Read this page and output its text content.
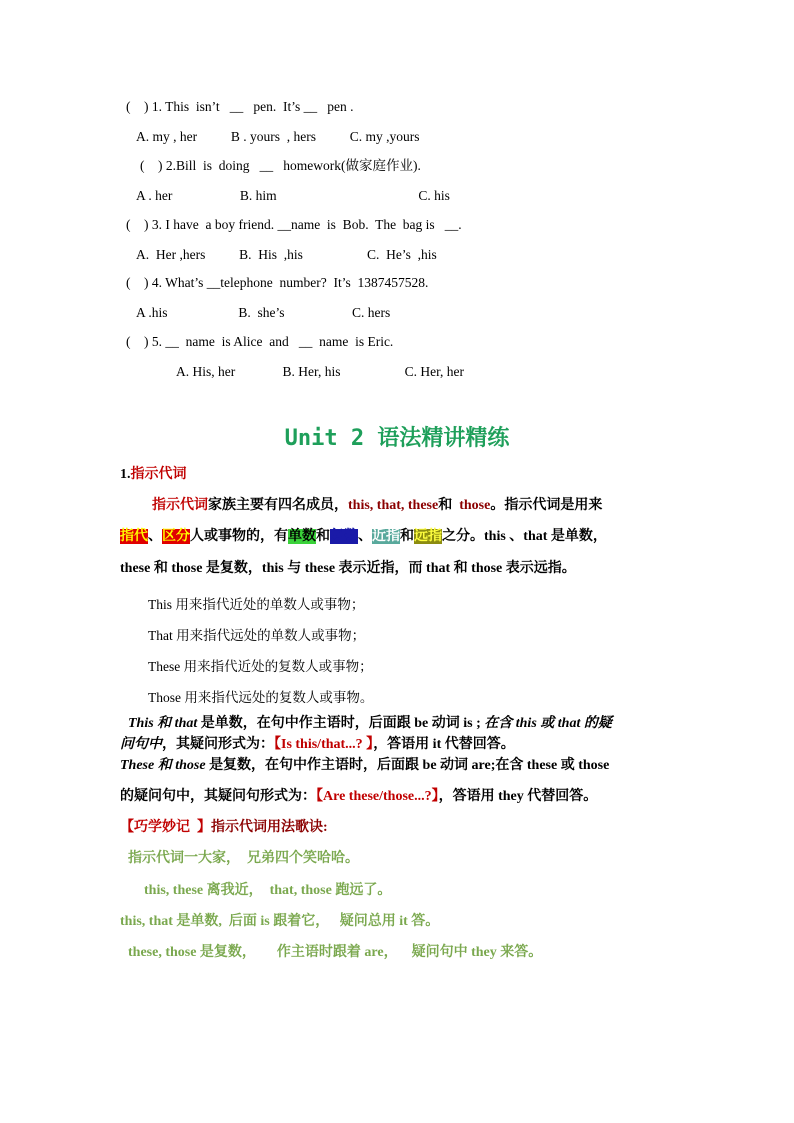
(    ) 1. This  isn’t   __   pen.  It’s __   pen .
A. my , her          B . yours  , hers          C. my ,yours
(    ) 2.Bill  is  doing   __   homework(做家庭作业).
A . her                    B. him                                          C. his
(    ) 3. I have  a boy friend. __name  is  Bob.  The  bag is   __.
A.  Her ,hers          B.  His  ,his                   C.  He’s  ,his
(    ) 4. What’s __telephone  number?  It’s  1387457528.
A .his                     B.  she’s                    C. hers
(    ) 5. __  name  is Alice  and   __  name  is Eric.
A. His, her              B. Her, his                   C. Her, her
Unit 2 语法精讲精练
1.指示代词
指示代词家族主要有四名成员，this, that, these和  those。指示代词是用来
指代、区分人或事物的，有单数和复数、近指和远指之分。this 、that 是单数，
these 和 those 是复数，this 与 these 表示近指，而 that 和 those 表示远指。
This 用来指代近处的单数人或事物；
That 用来指代远处的单数人或事物；
These 用来指代近处的复数人或事物；
Those 用来指代远处的复数人或事物。
This 和 that 是单数，在句中作主语时，后面跟 be 动词 is ; 在含 this 或 that 的疑
问句中，其疑问形式为：【Is this/that...? 】，答语用 it 代替回答。
These 和 those 是复数，在句中作主语时，后面跟 be 动词 are;在含 these 或 those
的疑问句中，其疑问句形式为：【Are these/those...?】，答语用 they 代替回答。
【巧学妙记  】指示代词用法歌诀:
指示代词一大家，  兄弟四个笑哈哈。
this, these 离我近，  that, those 跑远了。
this, that 是单数,  后面 is 跟着它，   疑问总用 it 答。
these, those 是复数，      作主语时跟着 are，    疑问句中 they 来答。
